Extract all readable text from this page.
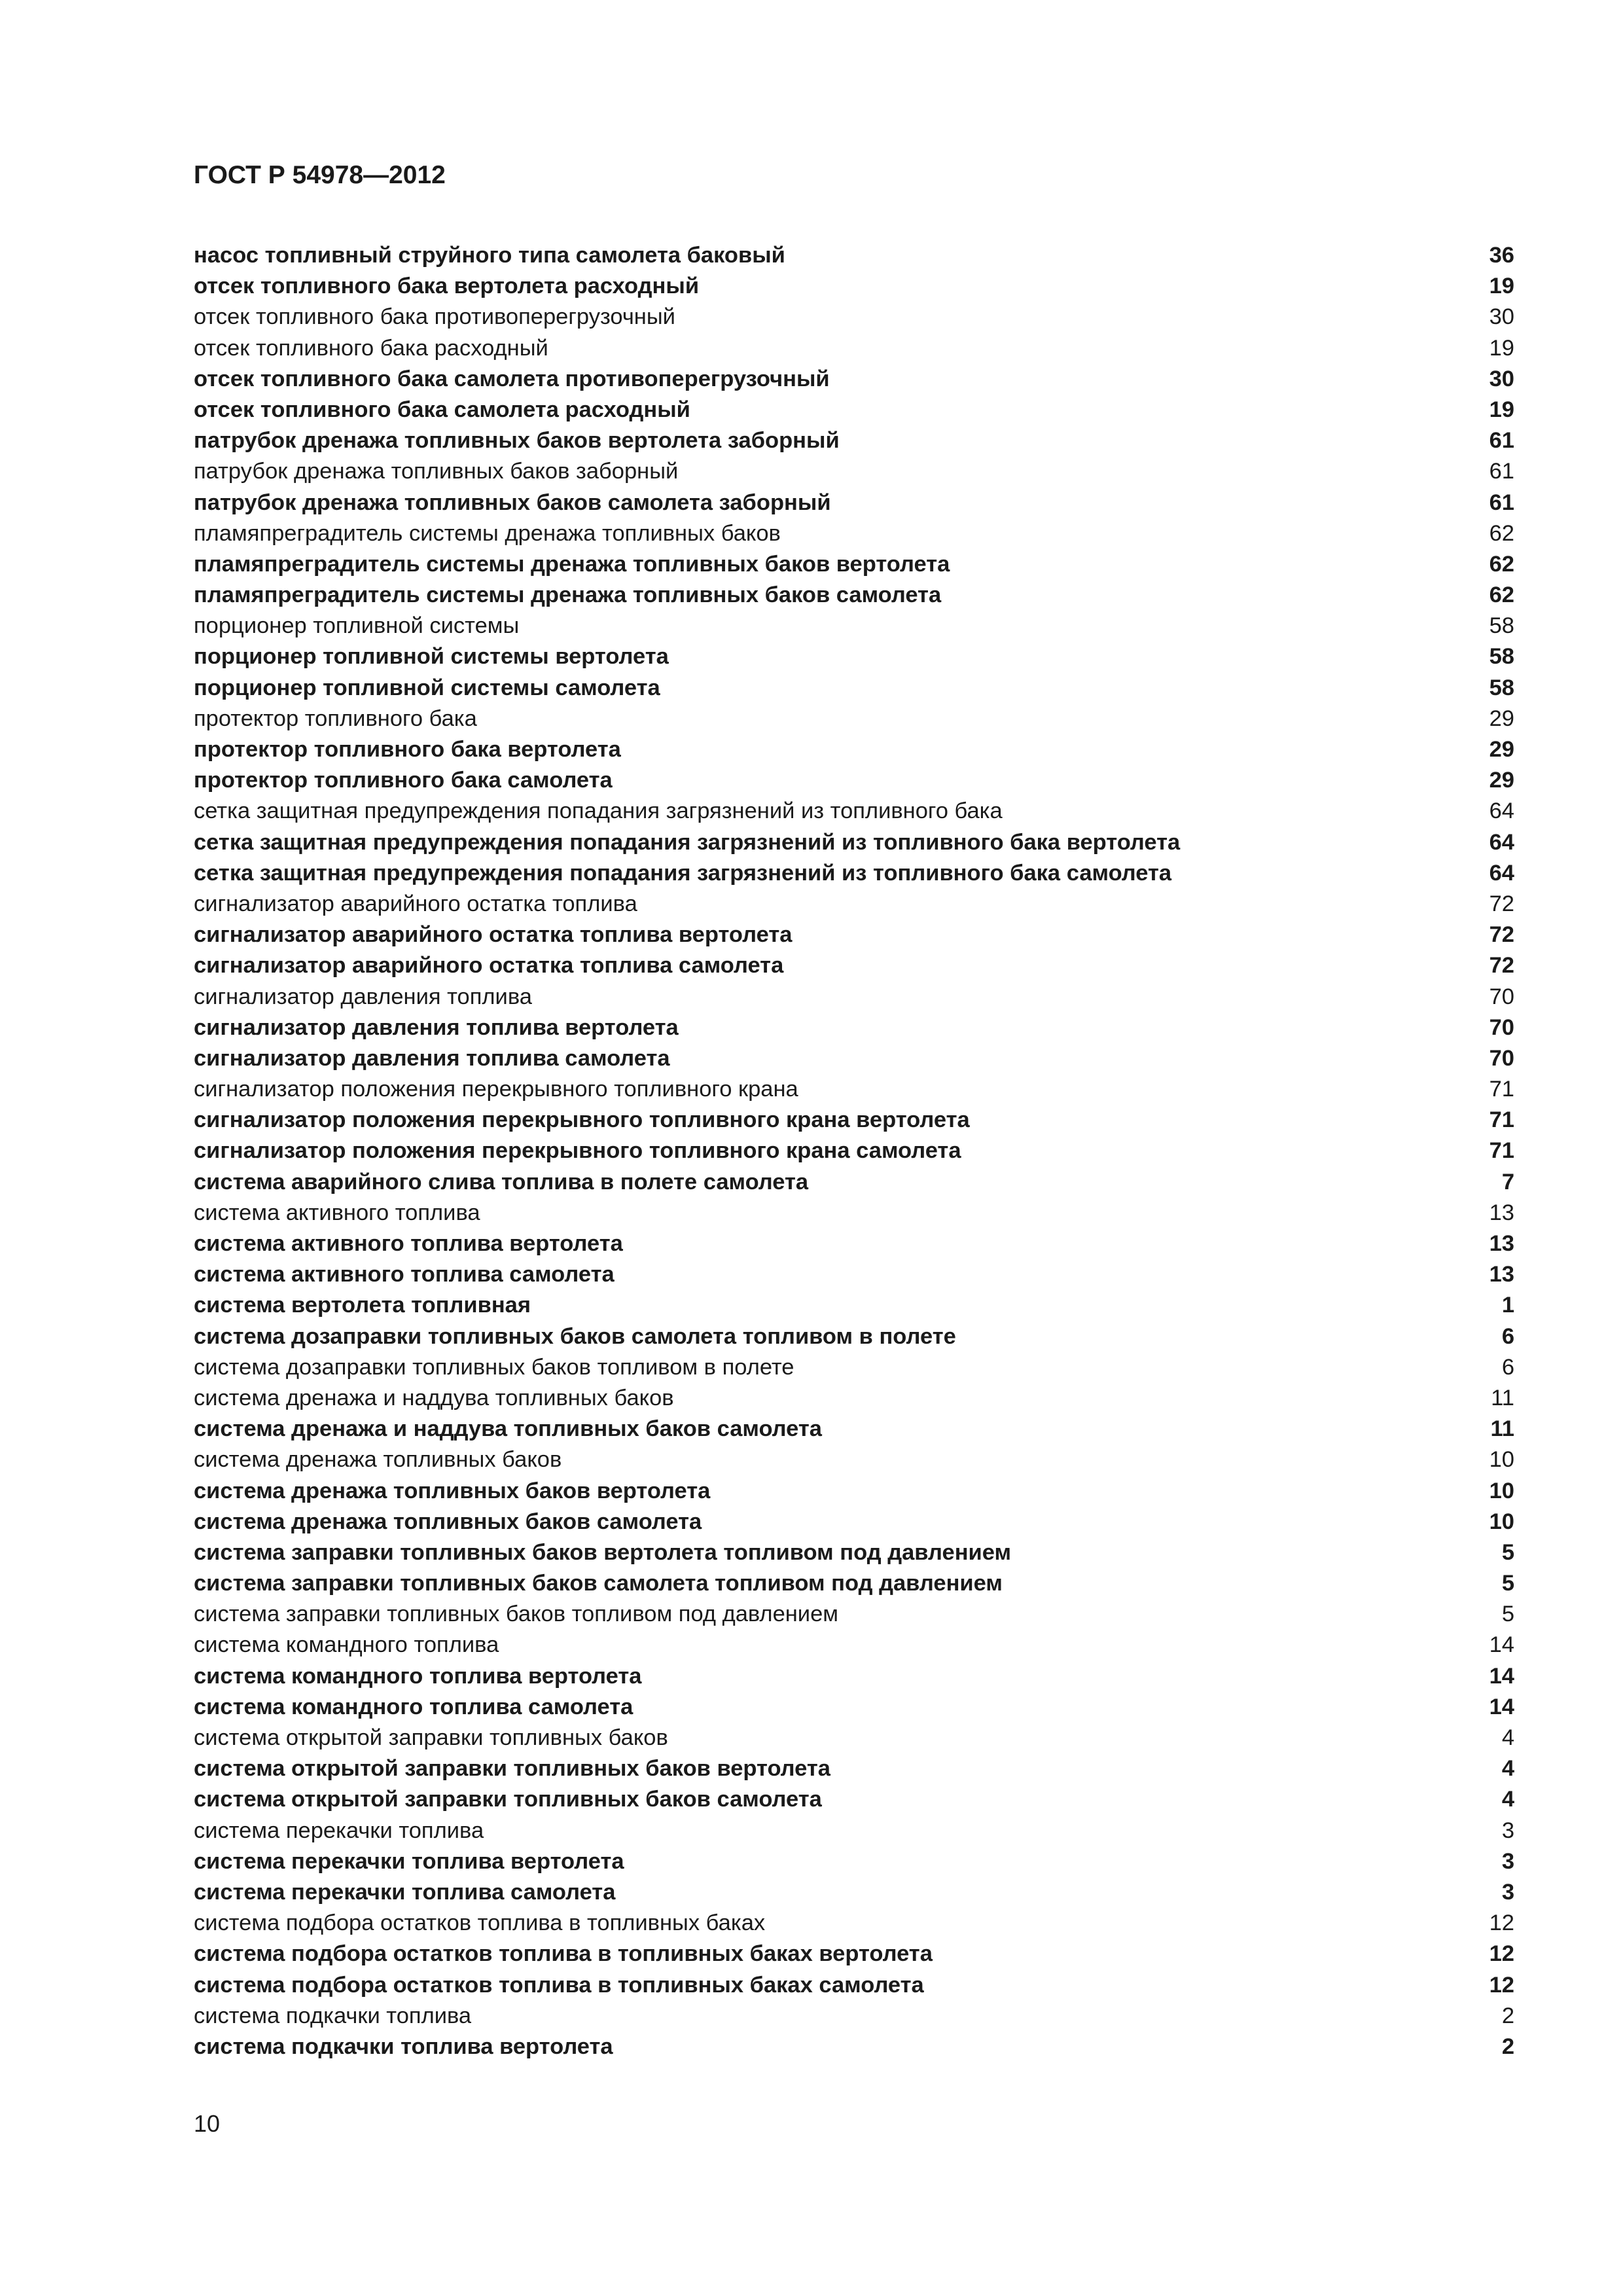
ГОСТ Р 54978—2012
насос топливный струйного типа самолета баковый	36
отсек топливного бака вертолета расходный	19
отсек топливного бака противоперегрузочный	30
отсек топливного бака расходный	19
отсек топливного бака самолета противоперегрузочный	30
отсек топливного бака самолета расходный	19
патрубок дренажа топливных баков вертолета заборный	61
патрубок дренажа топливных баков заборный	61
патрубок дренажа топливных баков самолета заборный	61
пламяпреградитель системы дренажа топливных баков	62
пламяпреградитель системы дренажа топливных баков вертолета	62
пламяпреградитель системы дренажа топливных баков самолета	62
порционер топливной системы	58
порционер топливной системы вертолета	58
порционер топливной системы самолета	58
протектор топливного бака	29
протектор топливного бака вертолета	29
протектор топливного бака самолета	29
сетка защитная предупреждения попадания загрязнений из топливного бака	64
сетка защитная предупреждения попадания загрязнений из топливного бака вертолета	64
сетка защитная предупреждения попадания загрязнений из топливного бака самолета	64
сигнализатор аварийного остатка топлива	72
сигнализатор аварийного остатка топлива вертолета	72
сигнализатор аварийного остатка топлива самолета	72
сигнализатор давления топлива	70
сигнализатор давления топлива вертолета	70
сигнализатор давления топлива самолета	70
сигнализатор положения перекрывного топливного крана	71
сигнализатор положения перекрывного топливного крана вертолета	71
сигнализатор положения перекрывного топливного крана самолета	71
система аварийного слива топлива в полете самолета	7
система активного топлива	13
система активного топлива вертолета	13
система активного топлива самолета	13
система вертолета топливная	1
система дозаправки топливных баков самолета топливом в полете	6
система дозаправки топливных баков топливом в полете	6
система дренажа и наддува топливных баков	11
система дренажа и наддува топливных баков самолета	11
система дренажа топливных баков	10
система дренажа топливных баков вертолета	10
система дренажа топливных баков самолета	10
система заправки топливных баков вертолета топливом под давлением	5
система заправки топливных баков самолета топливом под давлением	5
система заправки топливных баков топливом под давлением	5
система командного топлива	14
система командного топлива вертолета	14
система командного топлива самолета	14
система открытой заправки топливных баков	4
система открытой заправки топливных баков вертолета	4
система открытой заправки топливных баков самолета	4
система перекачки топлива	3
система перекачки топлива вертолета	3
система перекачки топлива самолета	3
система подбора остатков топлива в топливных баках	12
система подбора остатков топлива в топливных баках вертолета	12
система подбора остатков топлива в топливных баках самолета	12
система подкачки топлива	2
система подкачки топлива вертолета	2
10
